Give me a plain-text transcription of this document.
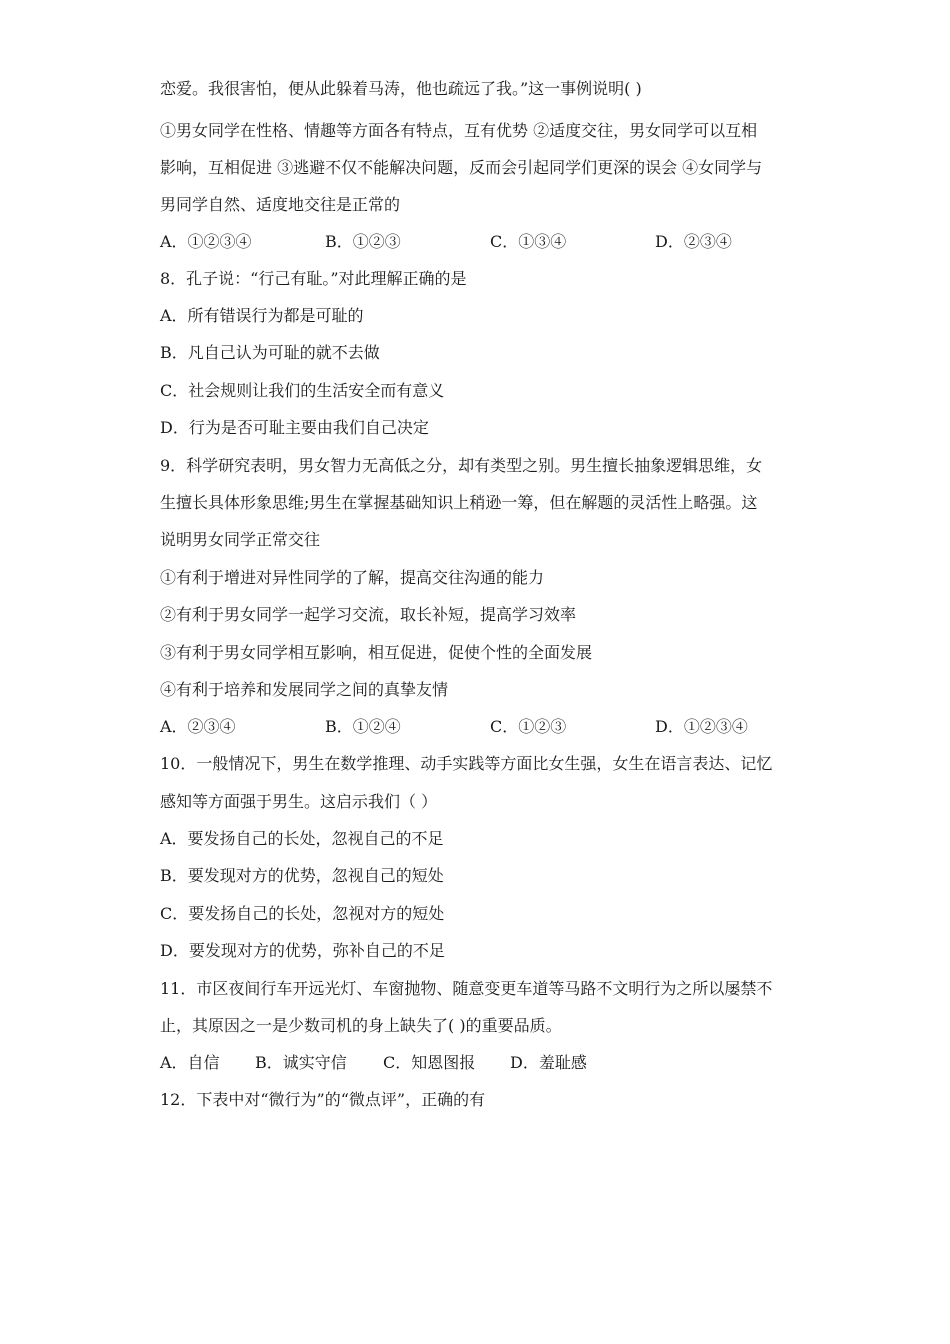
恋爱。我很害怕，便从此躲着马涛，他也疏远了我。”这一事例说明( )
①男女同学在性格、情趣等方面各有特点，互有优势 ②适度交往，男女同学可以互相
影响，互相促进 ③逃避不仅不能解决问题，反而会引起同学们更深的误会 ④女同学与
男同学自然、适度地交往是正常的
A．①②③④	B．①②③	C．①③④	D．②③④
8．孔子说：“行己有耻。”对此理解正确的是
A．所有错误行为都是可耻的
B．凡自己认为可耻的就不去做
C．社会规则让我们的生活安全而有意义
D．行为是否可耻主要由我们自己决定
9．科学研究表明，男女智力无高低之分，却有类型之别。男生擅长抽象逻辑思维，女
生擅长具体形象思维;男生在掌握基础知识上稍逊一筹，但在解题的灵活性上略强。这
说明男女同学正常交往
①有利于增进对异性同学的了解，提高交往沟通的能力
②有利于男女同学一起学习交流，取长补短，提高学习效率
③有利于男女同学相互影响，相互促进，促使个性的全面发展
④有利于培养和发展同学之间的真挚友情
A．②③④	B．①②④	C．①②③	D．①②③④
10．一般情况下，男生在数学推理、动手实践等方面比女生强，女生在语言表达、记忆
感知等方面强于男生。这启示我们（ ）
A．要发扬自己的长处，忽视自己的不足
B．要发现对方的优势，忽视自己的短处
C．要发扬自己的长处，忽视对方的短处
D．要发现对方的优势，弥补自己的不足
11．市区夜间行车开远光灯、车窗抛物、随意变更车道等马路不文明行为之所以屡禁不
止，其原因之一是少数司机的身上缺失了( )的重要品质。
A．自信 B．诚实守信 C．知恩图报 D．羞耻感
12．下表中对“微行为”的“微点评”，正确的有
